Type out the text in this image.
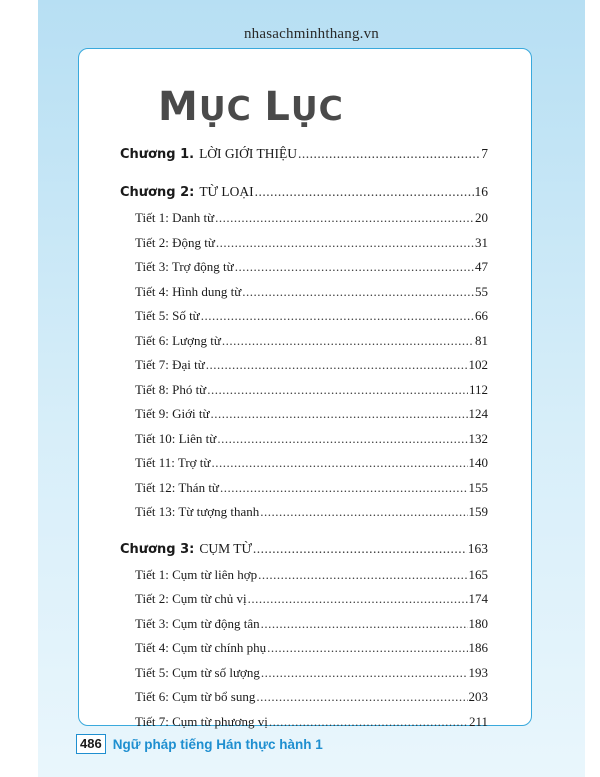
nhasachminhthang.vn
MỤC LỤC
Chương 1. LỜI GIỚI THIỆU .....	7
Chương 2: TỪ LOẠI .....	16
Tiết 1: Danh từ .....	20
Tiết 2: Động từ .....	31
Tiết 3: Trợ động từ .....	47
Tiết 4: Hình dung từ .....	55
Tiết 5: Số từ .....	66
Tiết 6: Lượng từ .....	81
Tiết 7: Đại từ .....	102
Tiết 8: Phó từ .....	112
Tiết 9: Giới từ .....	124
Tiết 10: Liên từ .....	132
Tiết 11: Trợ từ .....	140
Tiết 12: Thán từ .....	155
Tiết 13: Từ tượng thanh .....	159
Chương 3: CỤM TỪ .....	163
Tiết 1: Cụm từ liên hợp .....	165
Tiết 2: Cụm từ chủ vị .....	174
Tiết 3: Cụm từ động tân .....	180
Tiết 4: Cụm từ chính phụ .....	186
Tiết 5: Cụm từ số lượng .....	193
Tiết 6: Cụm từ bổ sung .....	203
Tiết 7: Cụm từ phương vị .....	211
486 Ngữ pháp tiếng Hán thực hành 1
